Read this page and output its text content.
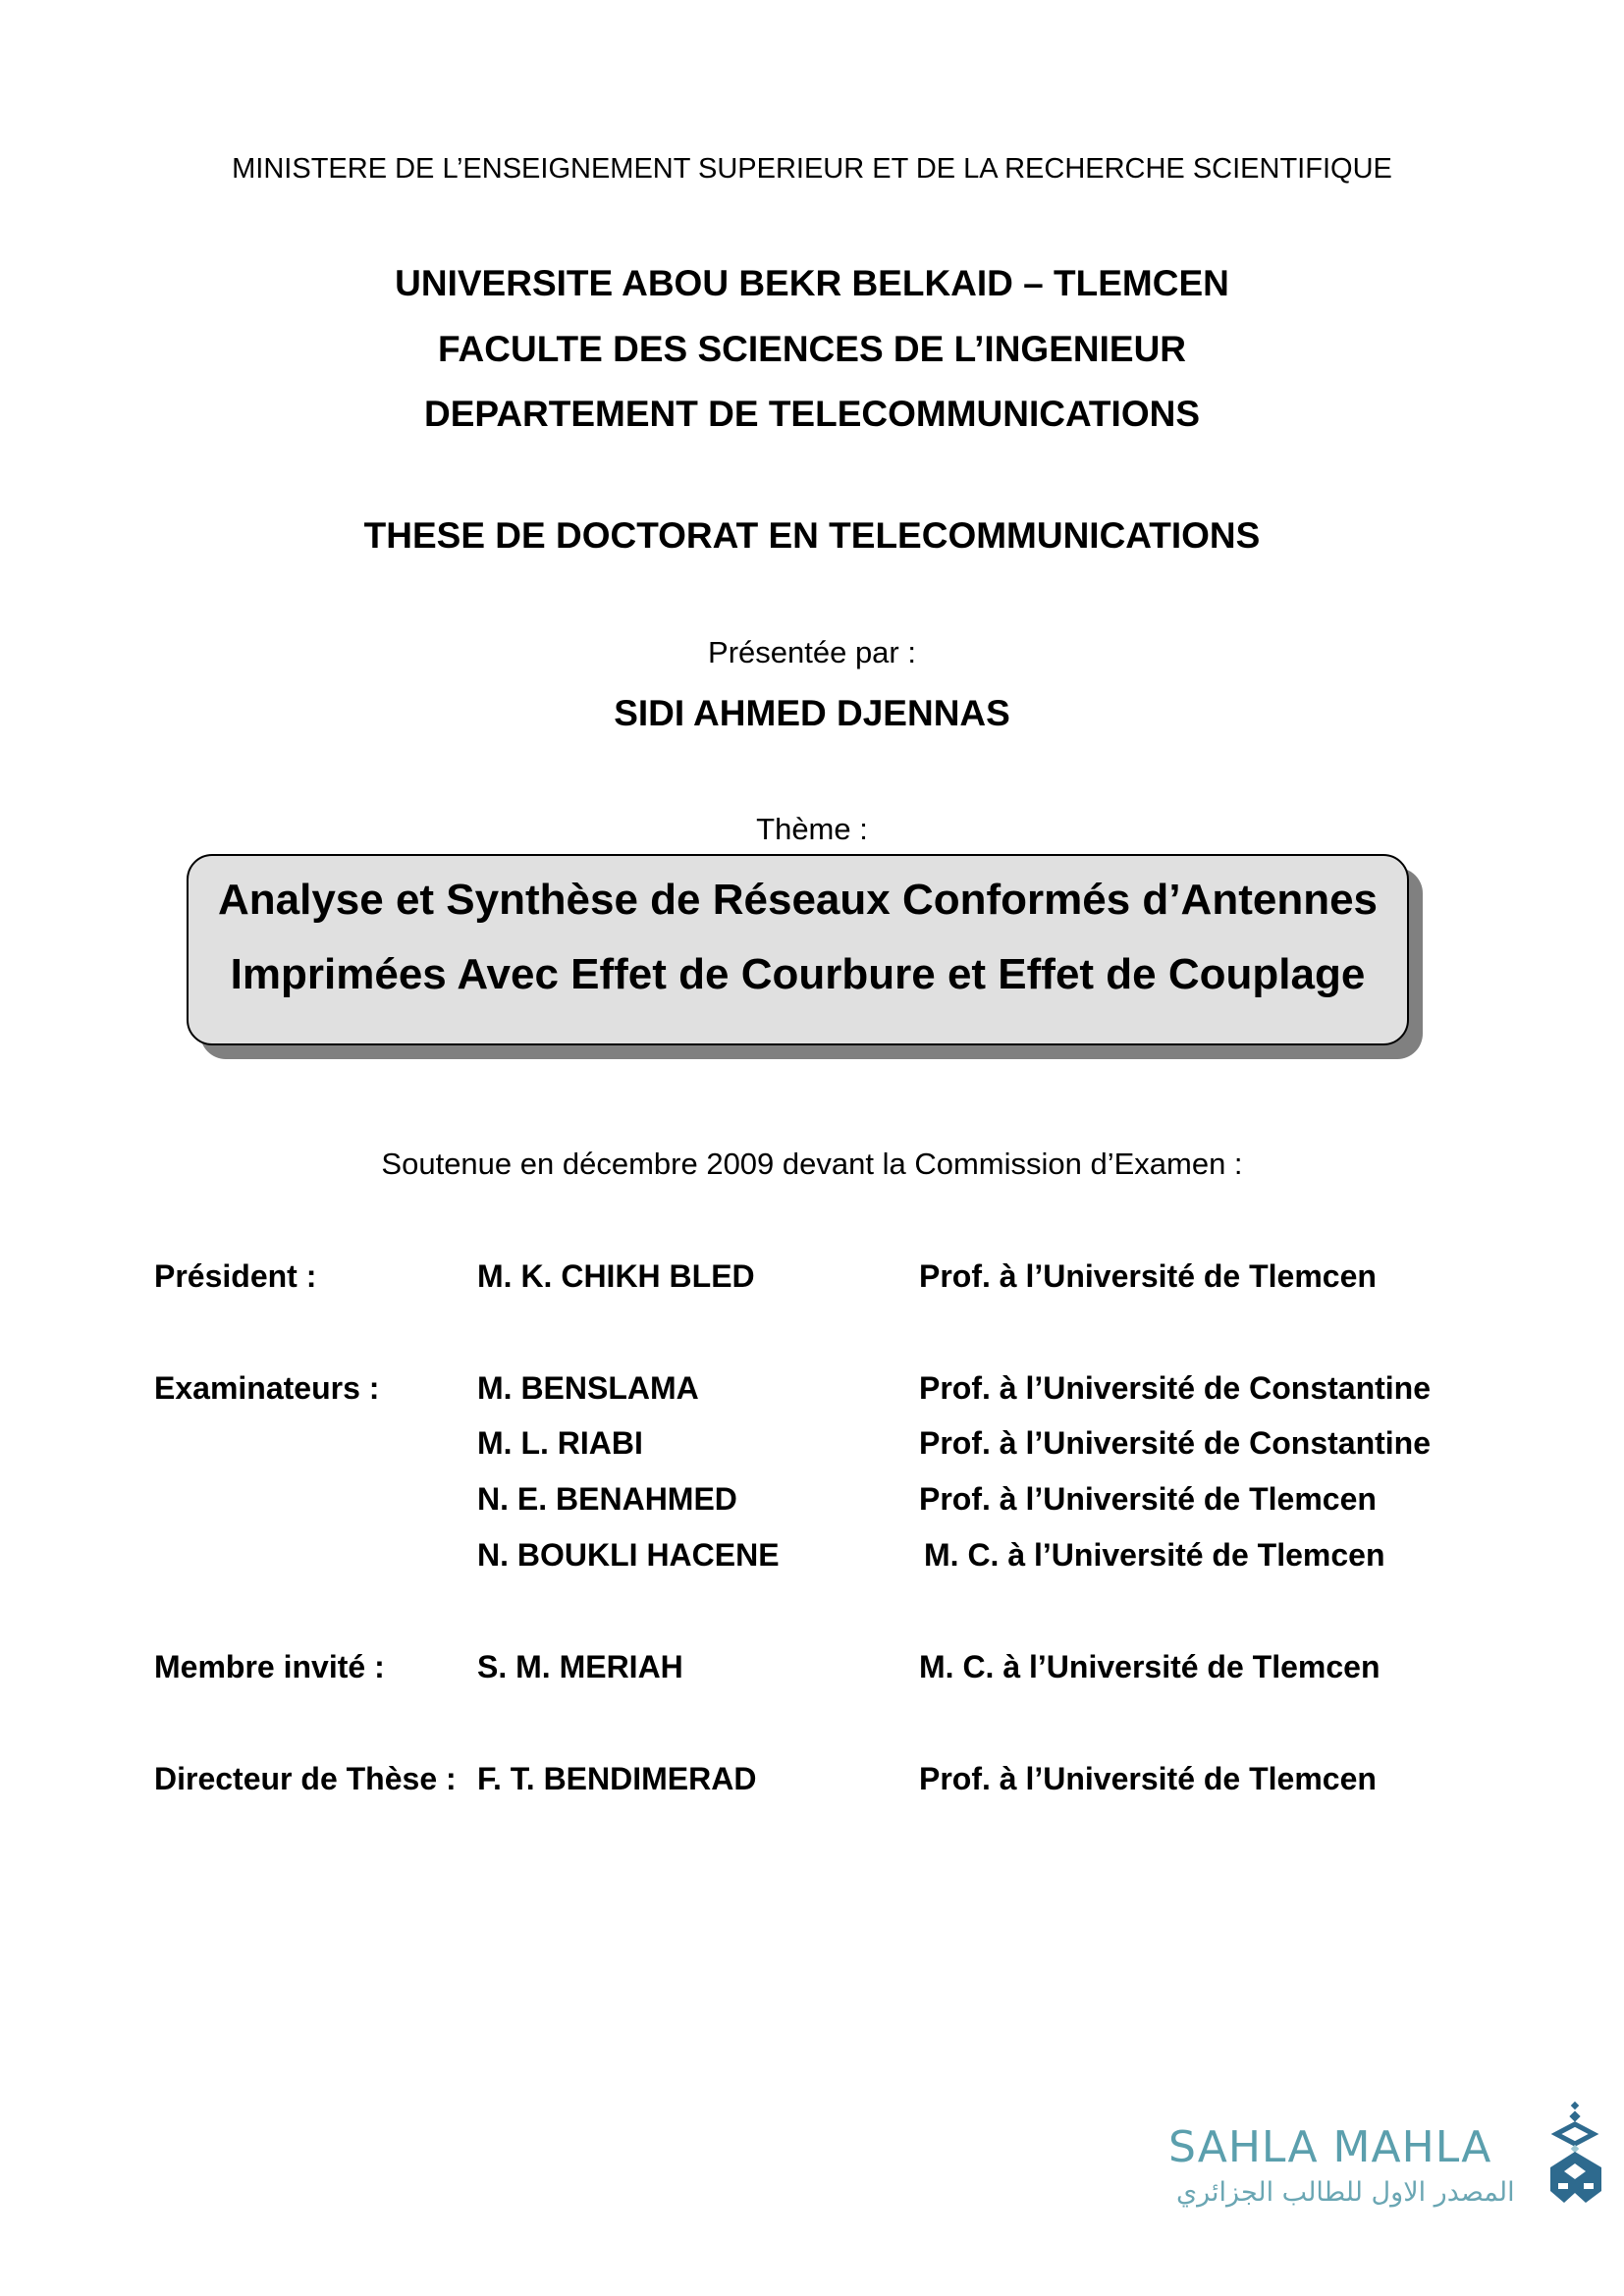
MINISTERE DE L’ENSEIGNEMENT SUPERIEUR ET DE LA RECHERCHE SCIENTIFIQUE
UNIVERSITE ABOU BEKR BELKAID – TLEMCEN
FACULTE DES SCIENCES DE L’INGENIEUR
DEPARTEMENT DE TELECOMMUNICATIONS
THESE DE DOCTORAT EN TELECOMMUNICATIONS
Présentée par :
SIDI AHMED DJENNAS
Thème :
Analyse et Synthèse de Réseaux Conformés d’Antennes
Imprimées Avec Effet de Courbure et Effet de Couplage
Soutenue en décembre 2009 devant la Commission d’Examen :
Président :	M. K. CHIKH BLED	Prof. à l’Université de Tlemcen
Examinateurs :	M. BENSLAMA	Prof. à l’Université de Constantine
M. L. RIABI	Prof. à l’Université de Constantine
N. E. BENAHMED	Prof. à l’Université de Tlemcen
N. BOUKLI HACENE	M. C. à l’Université de Tlemcen
Membre invité :	S. M. MERIAH	M. C. à l’Université de Tlemcen
Directeur de Thèse : F. T. BENDIMERAD	Prof. à l’Université de Tlemcen
SAHLA MAHLA
المصدر الاول للطالب الجزائري
